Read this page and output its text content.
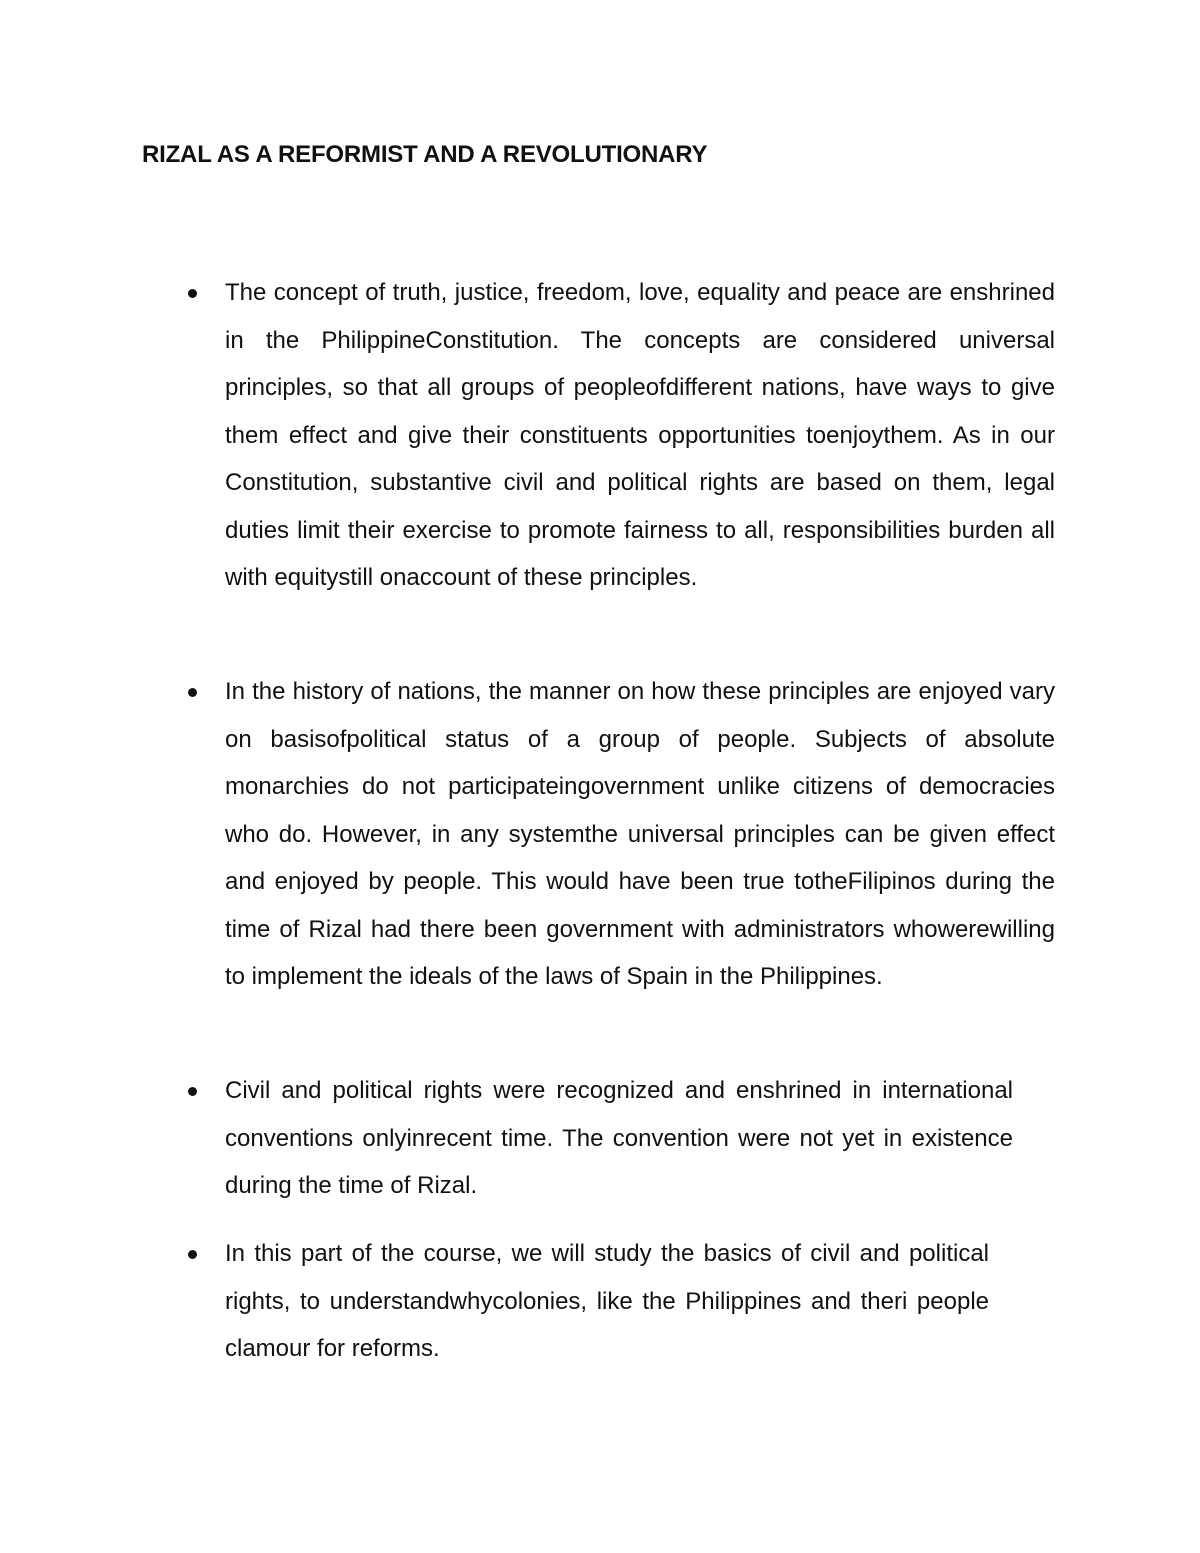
RIZAL AS A REFORMIST AND A REVOLUTIONARY
The concept of truth, justice, freedom, love, equality and peace are enshrined in the PhilippineConstitution. The concepts are considered universal principles, so that all groups of peopleofdifferent nations, have ways to give them effect and give their constituents opportunities toenjoythem. As in our Constitution, substantive civil and political rights are based on them, legal duties limit their exercise to promote fairness to all, responsibilities burden all with equitystill onaccount of these principles.
In the history of nations, the manner on how these principles are enjoyed vary on basisofpolitical status of a group of people. Subjects of absolute monarchies do not participateingovernment unlike citizens of democracies who do. However, in any systemthe universal principles can be given effect and enjoyed by people. This would have been true totheFilipinos during the time of Rizal had there been government with administrators whowerewilling to implement the ideals of the laws of Spain in the Philippines.
Civil and political rights were recognized and enshrined in international conventions onlyinrecent time. The convention were not yet in existence during the time of Rizal.
In this part of the course, we will study the basics of civil and political rights, to understandwhycolonies, like the Philippines and theri people clamour for reforms.
